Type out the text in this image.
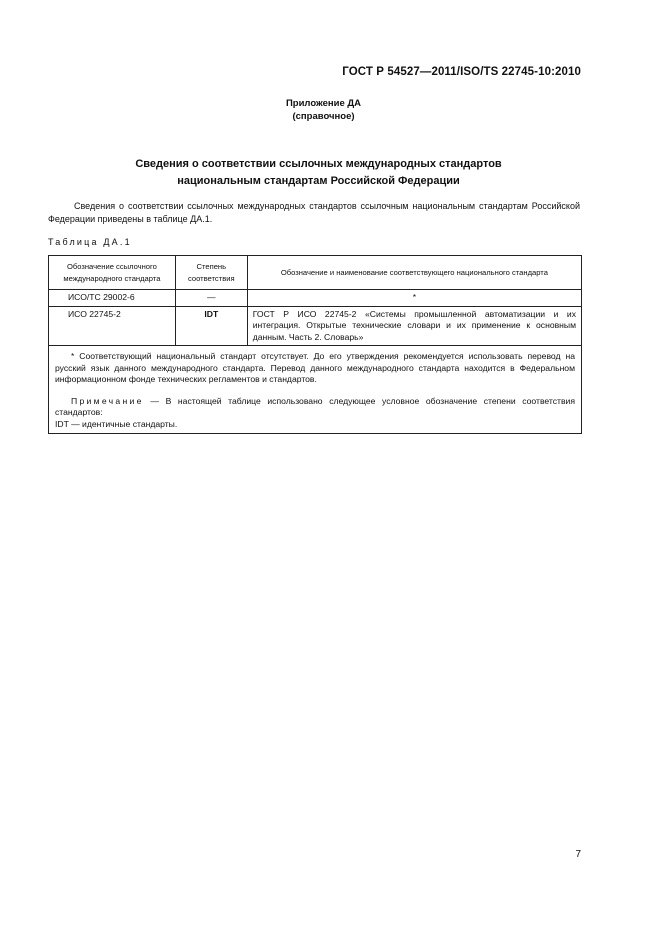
ГОСТ Р 54527—2011/ISO/TS 22745-10:2010
Приложение ДА
(справочное)
Сведения о соответствии ссылочных международных стандартов
национальным стандартам Российской Федерации
Сведения о соответствии ссылочных международных стандартов ссылочным национальным стандартам Российской Федерации приведены в таблице ДА.1.
Таблица ДА.1
Обозначение ссылочного международного стандарта	Степень соответствия	Обозначение и наименование соответствующего национального стандарта
ИСО/ТС 29002-6	—	*
ИСО 22745-2	IDT	ГОСТ Р ИСО 22745-2 «Системы промышленной автоматизации и их интеграция. Открытые технические словари и их применение к основным данным. Часть 2. Словарь»

* Соответствующий национальный стандарт отсутствует. До его утверждения рекомендуется использовать перевод на русский язык данного международного стандарта. Перевод данного международного стандарта находится в Федеральном информационном фонде технических регламентов и стандартов.

Примечание — В настоящей таблице использовано следующее условное обозначение степени соответствия стандартов:

IDT — идентичные стандарты.		

7
